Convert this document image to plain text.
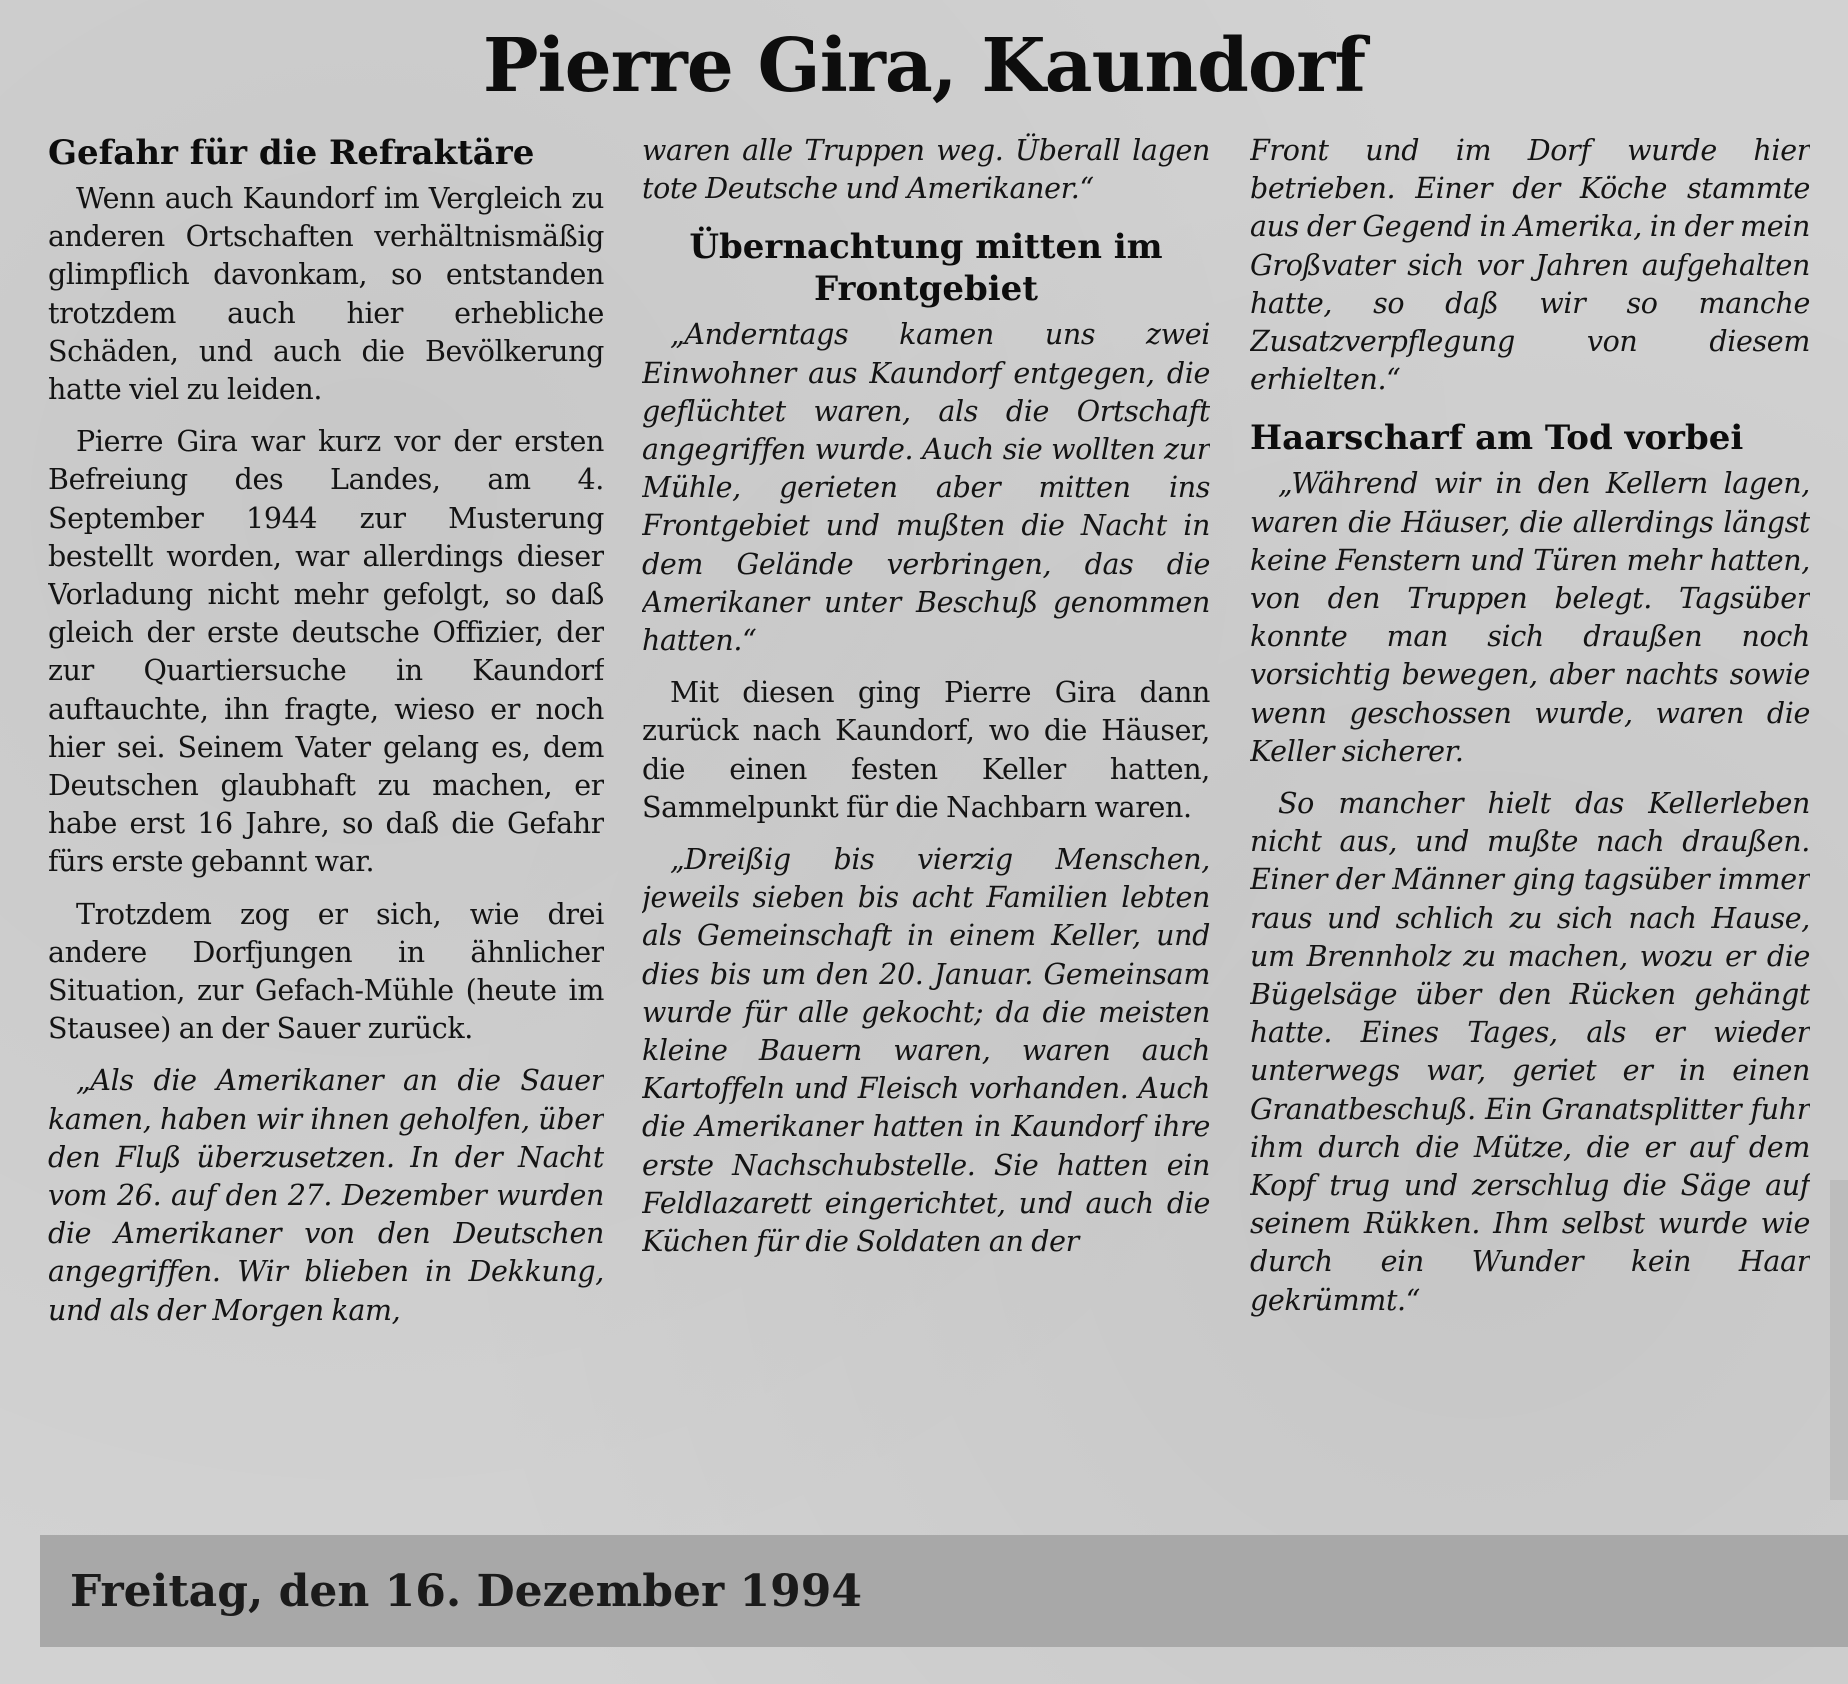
Pierre Gira, Kaundorf
Gefahr für die Refraktäre

Wenn auch Kaundorf im Vergleich zu anderen Ortschaften verhältnismäßig glimpflich davonkam, so entstanden trotzdem auch hier erhebliche Schäden, und auch die Bevölkerung hatte viel zu leiden.

Pierre Gira war kurz vor der ersten Befreiung des Landes, am 4. September 1944 zur Musterung bestellt worden, war allerdings dieser Vorladung nicht mehr gefolgt, so daß gleich der erste deutsche Offizier, der zur Quartiersuche in Kaundorf auftauchte, ihn fragte, wieso er noch hier sei. Seinem Vater gelang es, dem Deutschen glaubhaft zu machen, er habe erst 16 Jahre, so daß die Gefahr fürs erste gebannt war.

Trotzdem zog er sich, wie drei andere Dorfjungen in ähnlicher Situation, zur Gefach-Mühle (heute im Stausee) an der Sauer zurück.

„Als die Amerikaner an die Sauer kamen, haben wir ihnen geholfen, über den Fluß überzusetzen. In der Nacht vom 26. auf den 27. Dezember wurden die Amerikaner von den Deutschen angegriffen. Wir blieben in Dekkung, und als der Morgen kam,

waren alle Truppen weg. Überall lagen tote Deutsche und Amerikaner.“

Übernachtung mitten im Frontgebiet

„Anderntags kamen uns zwei Einwohner aus Kaundorf entgegen, die geflüchtet waren, als die Ortschaft angegriffen wurde. Auch sie wollten zur Mühle, gerieten aber mitten ins Frontgebiet und mußten die Nacht in dem Gelände verbringen, das die Amerikaner unter Beschuß genommen hatten.“

Mit diesen ging Pierre Gira dann zurück nach Kaundorf, wo die Häuser, die einen festen Keller hatten, Sammelpunkt für die Nachbarn waren.

„Dreißig bis vierzig Menschen, jeweils sieben bis acht Familien lebten als Gemeinschaft in einem Keller, und dies bis um den 20. Januar. Gemeinsam wurde für alle gekocht; da die meisten kleine Bauern waren, waren auch Kartoffeln und Fleisch vorhanden. Auch die Amerikaner hatten in Kaundorf ihre erste Nachschubstelle. Sie hatten ein Feldlazarett eingerichtet, und auch die Küchen für die Soldaten an der

Front und im Dorf wurde hier betrieben. Einer der Köche stammte aus der Gegend in Amerika, in der mein Großvater sich vor Jahren aufgehalten hatte, so daß wir so manche Zusatzverpflegung von diesem erhielten.“

Haarscharf am Tod vorbei

„Während wir in den Kellern lagen, waren die Häuser, die allerdings längst keine Fenstern und Türen mehr hatten, von den Truppen belegt. Tagsüber konnte man sich draußen noch vorsichtig bewegen, aber nachts sowie wenn geschossen wurde, waren die Keller sicherer.

So mancher hielt das Kellerleben nicht aus, und mußte nach draußen. Einer der Männer ging tagsüber immer raus und schlich zu sich nach Hause, um Brennholz zu machen, wozu er die Bügelsäge über den Rücken gehängt hatte. Eines Tages, als er wieder unterwegs war, geriet er in einen Granatbeschuß. Ein Granatsplitter fuhr ihm durch die Mütze, die er auf dem Kopf trug und zerschlug die Säge auf seinem Rükken. Ihm selbst wurde wie durch ein Wunder kein Haar gekrümmt.“

Freitag, den 16. Dezember 1994
